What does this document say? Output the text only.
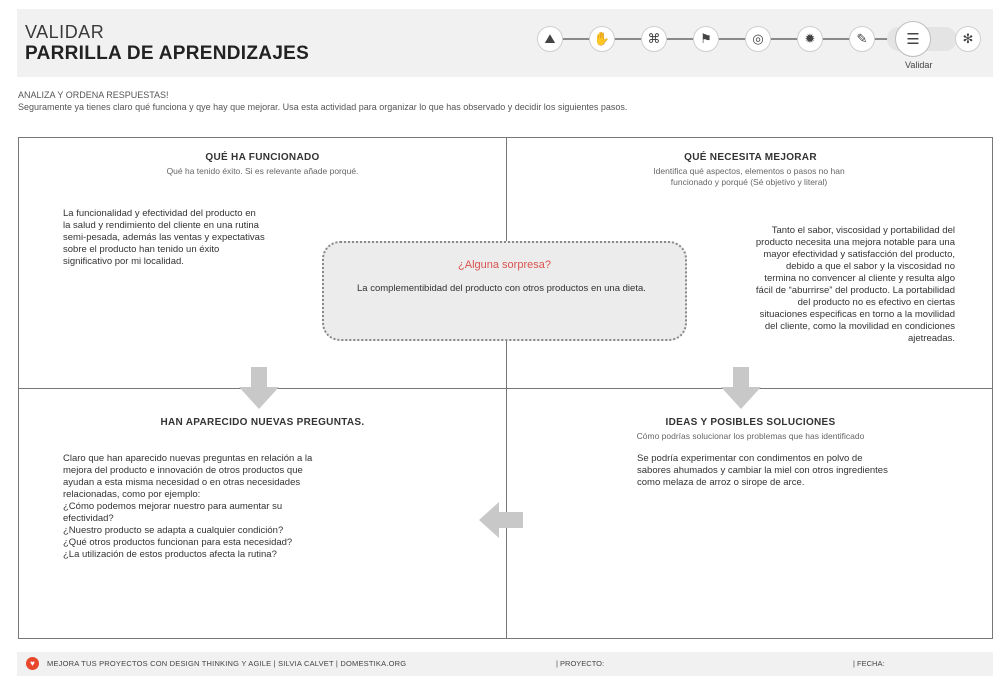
VALIDAR
PARRILLA DE APRENDIZAJES
⛰	✋	⌘	⚑	◎	✹	✎	☰	✻
Validar
ANALIZA Y ORDENA RESPUESTAS!
Seguramente ya tienes claro qué funciona y qye hay que mejorar. Usa esta actividad para organizar lo que has observado y decidir los siguientes pasos.
QUÉ HA FUNCIONADO
Qué ha tenido éxito. Si es relevante añade porqué.
La funcionalidad y efectividad del producto en
la salud y rendimiento del cliente en una rutina
semi-pesada, además las ventas y expectativas
sobre el producto han tenido un éxito
significativo por mi localidad.
QUÉ NECESITA MEJORAR
Identifica qué aspectos, elementos o pasos no han
funcionado y porqué (Sé objetivo y literal)
Tanto el sabor, viscosidad y portabilidad del
producto necesita una mejora notable para una
mayor efectividad y satisfacción del producto,
debido a que el sabor y la viscosidad no
termina no convencer al cliente y resulta algo
fácil de “aburrirse” del producto. La portabilidad
del producto no es efectivo en ciertas
situaciones especificas en torno a la movilidad
del cliente, como la movilidad en condiciones
ajetreadas.
HAN APARECIDO NUEVAS PREGUNTAS.
Claro que han aparecido nuevas preguntas en relación a la
mejora del producto e innovación de otros productos que
ayudan a esta misma necesidad o en otras necesidades
relacionadas, como por ejemplo:
¿Cómo podemos mejorar nuestro para aumentar su
efectividad?
¿Nuestro producto se adapta a cualquier condición?
¿Qué otros productos funcionan para esta necesidad?
¿La utilización de estos productos afecta la rutina?
IDEAS Y POSIBLES SOLUCIONES
Cómo podrías solucionar los problemas que has identificado
Se podría experimentar con condimentos en polvo de
sabores ahumados y cambiar la miel con otros ingredientes
como melaza de arroz o sirope de arce.
¿Alguna sorpresa?
La complementibidad del producto con otros productos en una dieta.
♥	MEJORA TUS PROYECTOS CON DESIGN THINKING Y AGILE | SILVIA CALVET | DOMESTIKA.ORG	| PROYECTO:	| FECHA:
